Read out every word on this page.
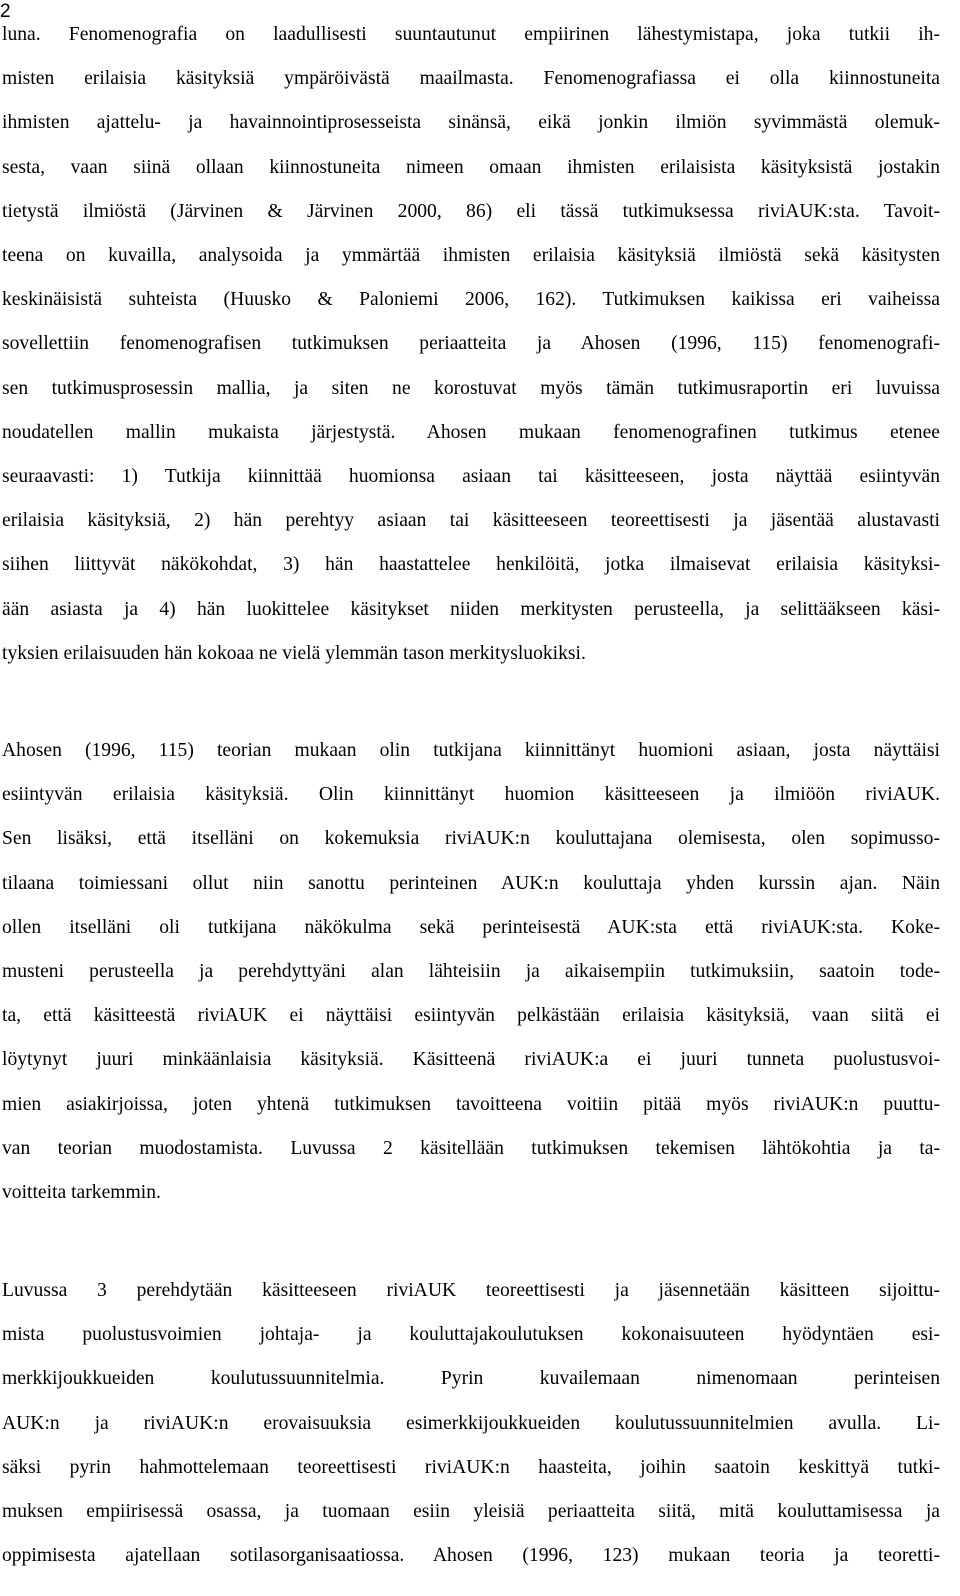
2
luna. Fenomenografia on laadullisesti suuntautunut empiirinen lähestymistapa, joka tutkii ih-
misten erilaisia käsityksiä ympäröivästä maailmasta. Fenomenografiassa ei olla kiinnostuneita
ihmisten ajattelu- ja havainnointiprosesseista sinänsä, eikä jonkin ilmiön syvimmästä olemuk-
sesta, vaan siinä ollaan kiinnostuneita nimeen omaan ihmisten erilaisista käsityksistä jostakin
tietystä ilmiöstä (Järvinen & Järvinen 2000, 86) eli tässä tutkimuksessa riviAUK:sta. Tavoit-
teena on kuvailla, analysoida ja ymmärtää ihmisten erilaisia käsityksiä ilmiöstä sekä käsitysten
keskinäisistä suhteista (Huusko & Paloniemi 2006, 162). Tutkimuksen kaikissa eri vaiheissa
sovellettiin fenomenografisen tutkimuksen periaatteita ja Ahosen (1996, 115) fenomenografi-
sen tutkimusprosessin mallia, ja siten ne korostuvat myös tämän tutkimusraportin eri luvuissa
noudatellen mallin mukaista järjestystä. Ahosen mukaan fenomenografinen tutkimus etenee
seuraavasti: 1) Tutkija kiinnittää huomionsa asiaan tai käsitteeseen, josta näyttää esiintyvän
erilaisia käsityksiä, 2) hän perehtyy asiaan tai käsitteeseen teoreettisesti ja jäsentää alustavasti
siihen liittyvät näkökohdat, 3) hän haastattelee henkilöitä, jotka ilmaisevat erilaisia käsityksi-
ään asiasta ja 4) hän luokittelee käsitykset niiden merkitysten perusteella, ja selittääkseen käsi-
tyksien erilaisuuden hän kokoaa ne vielä ylemmän tason merkitysluokiksi.
Ahosen (1996, 115) teorian mukaan olin tutkijana kiinnittänyt huomioni asiaan, josta näyttäisi
esiintyvän erilaisia käsityksiä. Olin kiinnittänyt huomion käsitteeseen ja ilmiöön riviAUK.
Sen lisäksi, että itselläni on kokemuksia riviAUK:n kouluttajana olemisesta, olen sopimusso-
tilaana toimiessani ollut niin sanottu perinteinen AUK:n kouluttaja yhden kurssin ajan. Näin
ollen itselläni oli tutkijana näkökulma sekä perinteisestä AUK:sta että riviAUK:sta. Koke-
musteni perusteella ja perehdyttyäni alan lähteisiin ja aikaisempiin tutkimuksiin, saatoin tode-
ta, että käsitteestä riviAUK ei näyttäisi esiintyvän pelkästään erilaisia käsityksiä, vaan siitä ei
löytynyt juuri minkäänlaisia käsityksiä. Käsitteenä riviAUK:a ei juuri tunneta puolustusvoi-
mien asiakirjoissa, joten yhtenä tutkimuksen tavoitteena voitiin pitää myös riviAUK:n puuttu-
van teorian muodostamista. Luvussa 2 käsitellään tutkimuksen tekemisen lähtökohtia ja ta-
voitteita tarkemmin.
Luvussa 3 perehdytään käsitteeseen riviAUK teoreettisesti ja jäsennetään käsitteen sijoittu-
mista puolustusvoimien johtaja- ja kouluttajakoulutuksen kokonaisuuteen hyödyntäen esi-
merkkijoukkueiden koulutussuunnitelmia. Pyrin kuvailemaan nimenomaan perinteisen
AUK:n ja riviAUK:n erovaisuuksia esimerkkijoukkueiden koulutussuunnitelmien avulla. Li-
säksi pyrin hahmottelemaan teoreettisesti riviAUK:n haasteita, joihin saatoin keskittyä tutki-
muksen empiirisessä osassa, ja tuomaan esiin yleisiä periaatteita siitä, mitä kouluttamisessa ja
oppimisesta ajatellaan sotilasorganisaatiossa. Ahosen (1996, 123) mukaan teoria ja teoretti-
